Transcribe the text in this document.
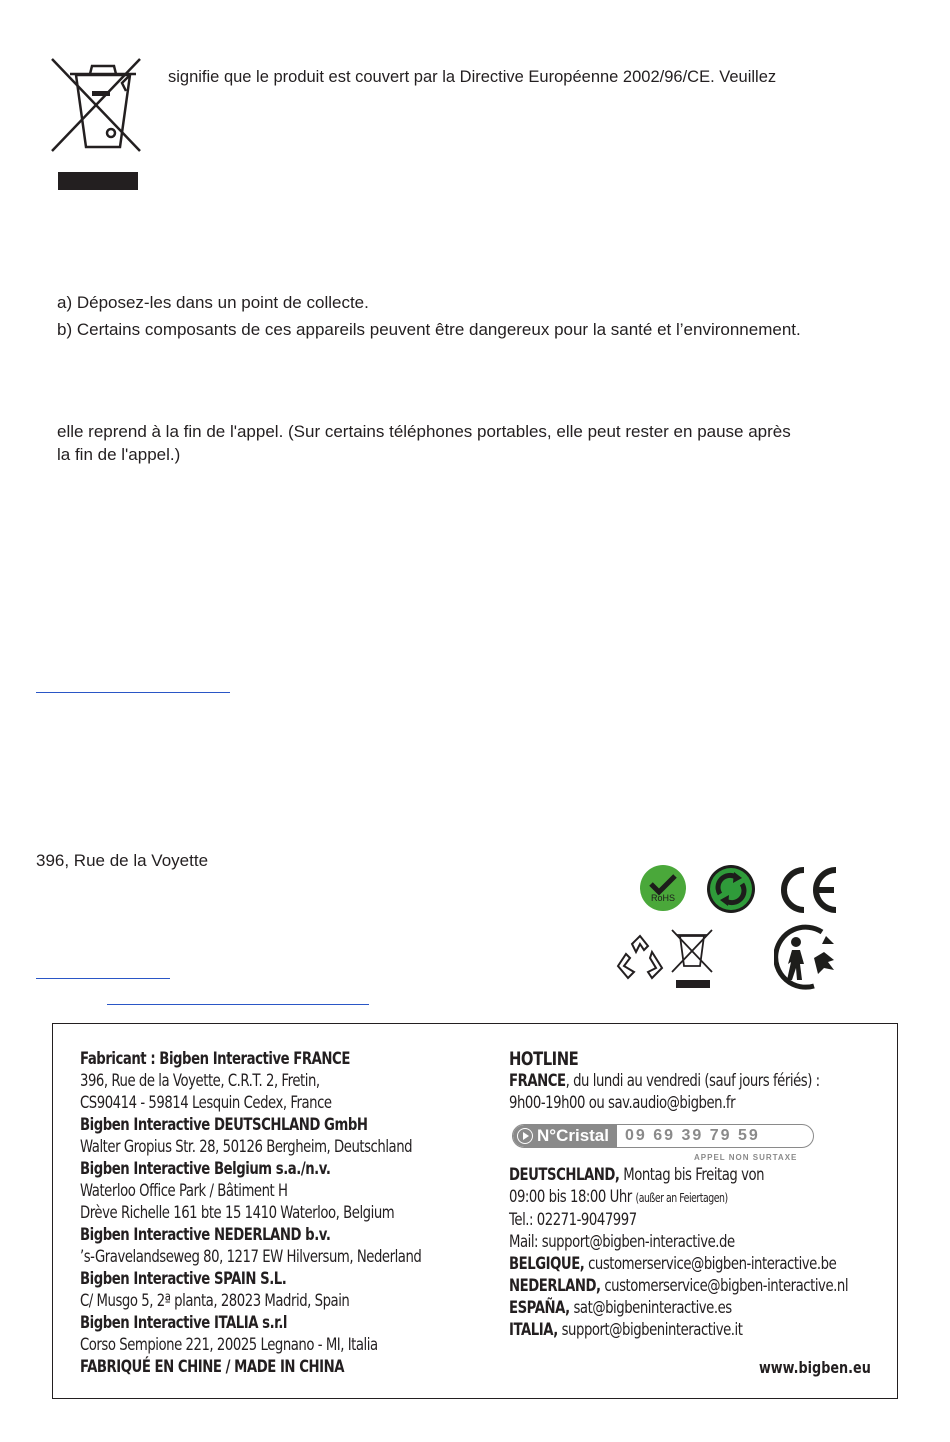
signifie que le produit est couvert par la Directive Européenne 2002/96/CE. Veuillez
a) Déposez-les dans un point de collecte.
b) Certains composants de ces appareils peuvent être dangereux pour la santé et l’environnement.
elle reprend à la fin de l'appel. (Sur certains téléphones portables, elle peut rester en pause après
la fin de l'appel.)
396, Rue de la Voyette
RoHS
Fabricant : Bigben Interactive FRANCE
396, Rue de la Voyette, C.R.T. 2, Fretin,
CS90414 - 59814 Lesquin Cedex, France
Bigben Interactive DEUTSCHLAND GmbH
Walter Gropius Str. 28, 50126 Bergheim, Deutschland
Bigben Interactive Belgium s.a./n.v.
Waterloo Office Park / Bâtiment H
Drève Richelle 161 bte 15 1410 Waterloo, Belgium
Bigben Interactive NEDERLAND b.v.
’s-Gravelandseweg 80, 1217 EW Hilversum, Nederland
Bigben Interactive SPAIN S.L.
C/ Musgo 5, 2ª planta, 28023 Madrid, Spain
Bigben Interactive ITALIA s.r.l
Corso Sempione 221, 20025 Legnano - MI, Italia
FABRIQUÉ EN CHINE / MADE IN CHINA
HOTLINE
FRANCE, du lundi au vendredi (sauf jours fériés) :
9h00-19h00 ou sav.audio@bigben.fr
N°Cristal	09 69 39 79 59
APPEL NON SURTAXE
DEUTSCHLAND, Montag bis Freitag von
09:00 bis 18:00 Uhr (außer an Feiertagen)
Tel.: 02271-9047997
Mail: support@bigben-interactive.de
BELGIQUE, customerservice@bigben-interactive.be
NEDERLAND, customerservice@bigben-interactive.nl
ESPAÑA, sat@bigbeninteractive.es
ITALIA, support@bigbeninteractive.it
www.bigben.eu
